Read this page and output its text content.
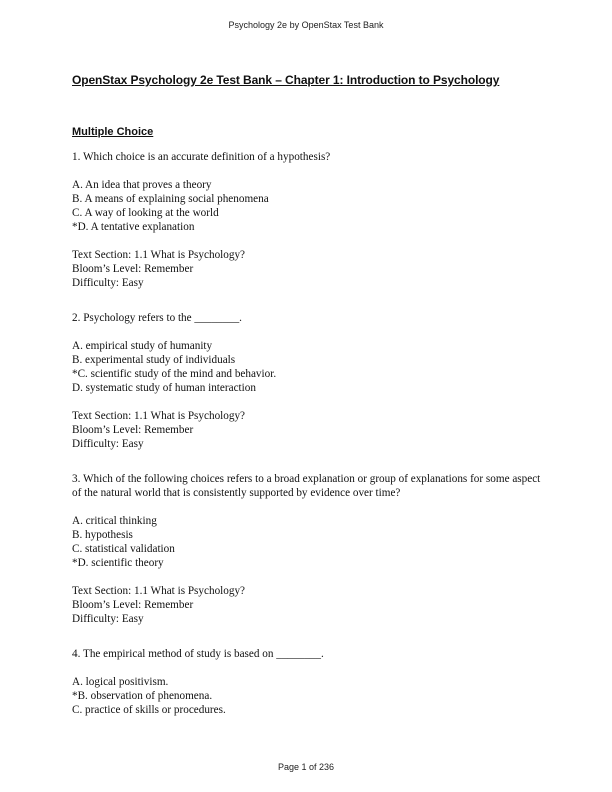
Psychology 2e by OpenStax Test Bank
OpenStax Psychology 2e Test Bank – Chapter 1: Introduction to Psychology
Multiple Choice
1. Which choice is an accurate definition of a hypothesis?
A. An idea that proves a theory
B. A means of explaining social phenomena
C. A way of looking at the world
*D. A tentative explanation
Text Section: 1.1 What is Psychology?
Bloom’s Level: Remember
Difficulty: Easy
2. Psychology refers to the ________.
A. empirical study of humanity
B. experimental study of individuals
*C. scientific study of the mind and behavior.
D. systematic study of human interaction
Text Section: 1.1 What is Psychology?
Bloom’s Level: Remember
Difficulty: Easy
3. Which of the following choices refers to a broad explanation or group of explanations for some aspect of the natural world that is consistently supported by evidence over time?
A. critical thinking
B. hypothesis
C. statistical validation
*D. scientific theory
Text Section: 1.1 What is Psychology?
Bloom’s Level: Remember
Difficulty: Easy
4. The empirical method of study is based on ________.
A. logical positivism.
*B. observation of phenomena.
C. practice of skills or procedures.
Page 1 of 236
